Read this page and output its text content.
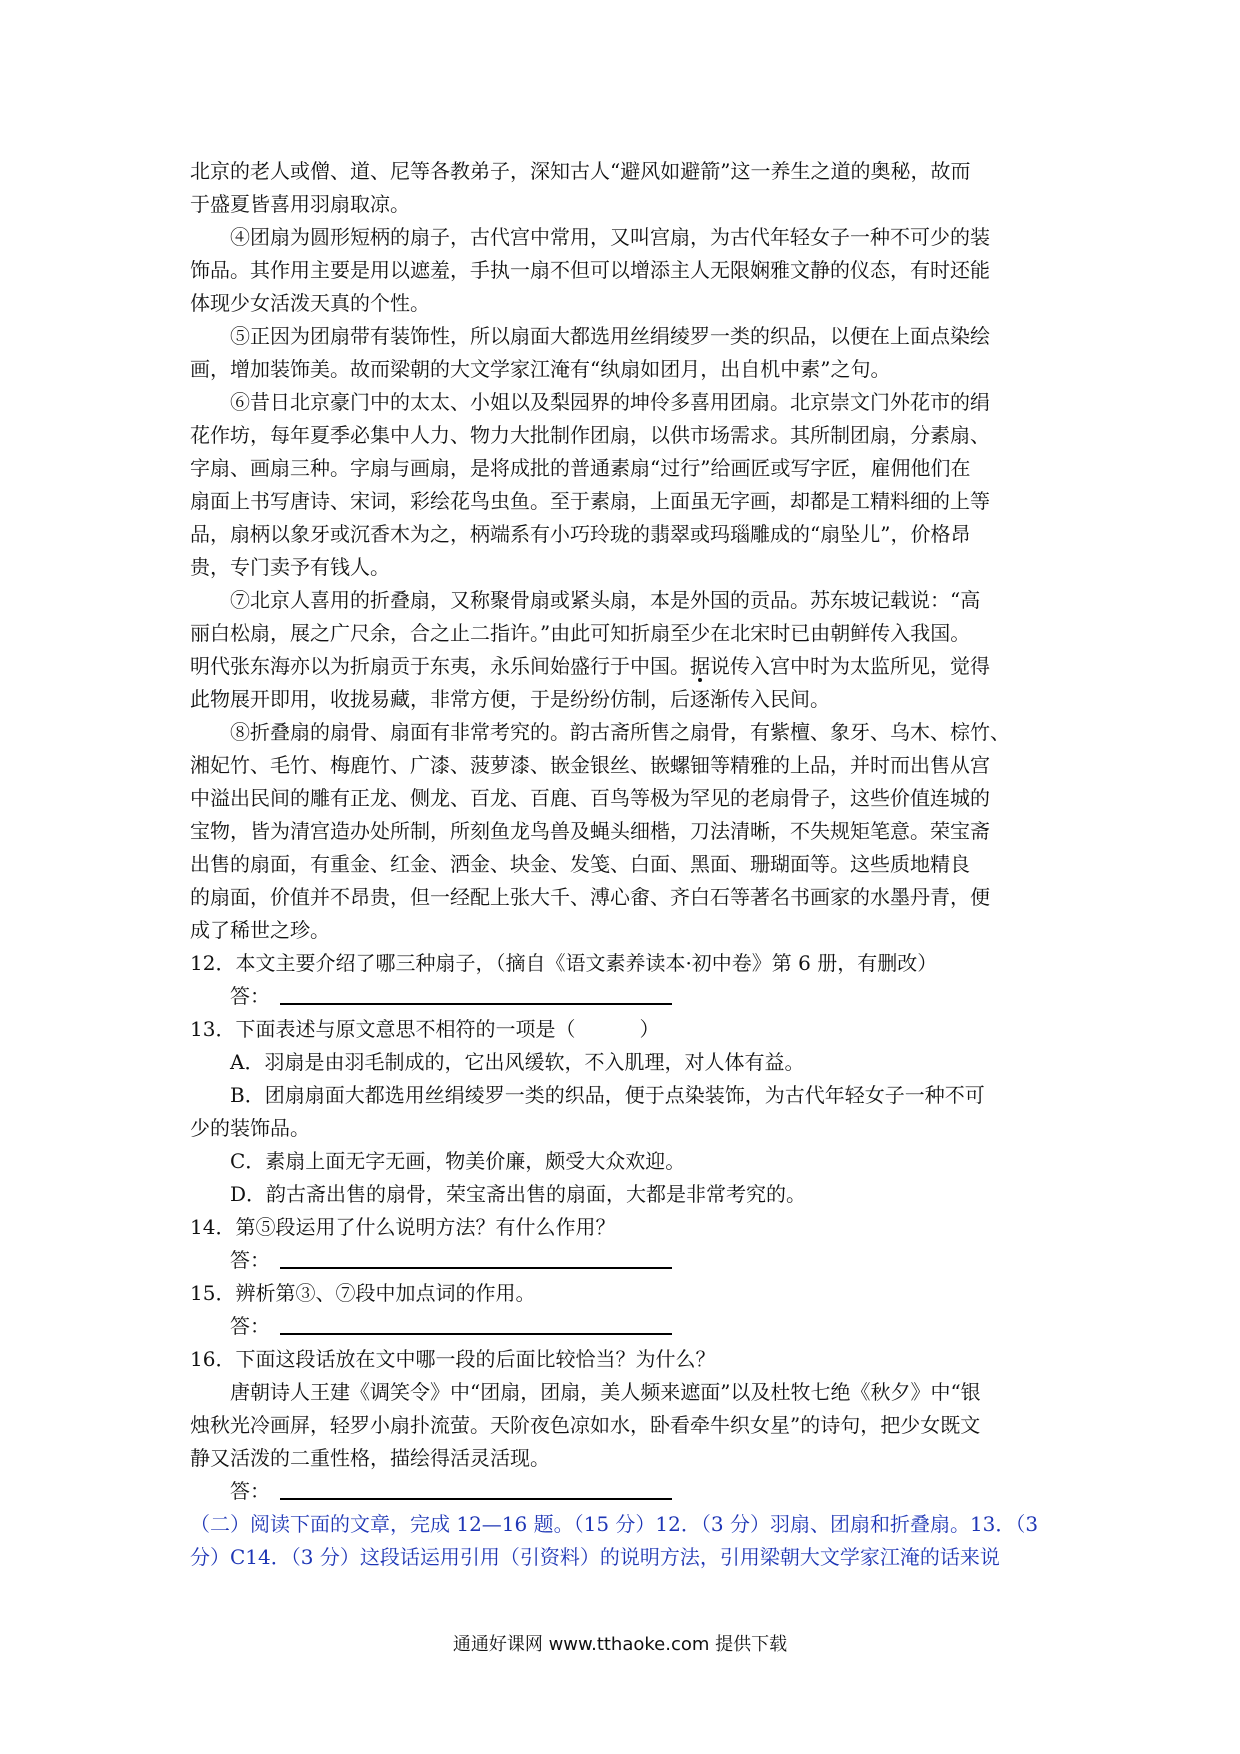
北京的老人或僧、道、尼等各教弟子，深知古人“避风如避箭”这一养生之道的奥秘，故而
于盛夏皆喜用羽扇取凉。
④团扇为圆形短柄的扇子，古代宫中常用，又叫宫扇，为古代年轻女子一种不可少的装
饰品。其作用主要是用以遮羞，手执一扇不但可以增添主人无限娴雅文静的仪态，有时还能
体现少女活泼天真的个性。
⑤正因为团扇带有装饰性，所以扇面大都选用丝绢绫罗一类的织品，以便在上面点染绘
画，增加装饰美。故而梁朝的大文学家江淹有“纨扇如团月，出自机中素”之句。
⑥昔日北京豪门中的太太、小姐以及梨园界的坤伶多喜用团扇。北京崇文门外花市的绢
花作坊，每年夏季必集中人力、物力大批制作团扇，以供市场需求。其所制团扇，分素扇、
字扇、画扇三种。字扇与画扇，是将成批的普通素扇“过行”给画匠或写字匠，雇佣他们在
扇面上书写唐诗、宋词，彩绘花鸟虫鱼。至于素扇，上面虽无字画，却都是工精料细的上等
品，扇柄以象牙或沉香木为之，柄端系有小巧玲珑的翡翠或玛瑙雕成的“扇坠儿”，价格昂
贵，专门卖予有钱人。
⑦北京人喜用的折叠扇，又称聚骨扇或紧头扇，本是外国的贡品。苏东坡记载说：“高
丽白松扇，展之广尺余，合之止二指许。”由此可知折扇至少在北宋时已由朝鲜传入我国。
明代张东海亦以为折扇贡于东夷，永乐间始盛行于中国。据说传入宫中时为太监所见，觉得
此物展开即用，收拢易藏，非常方便，于是纷纷仿制，后逐渐传入民间。
⑧折叠扇的扇骨、扇面有非常考究的。韵古斋所售之扇骨，有紫檀、象牙、乌木、棕竹、
湘妃竹、毛竹、梅鹿竹、广漆、菠萝漆、嵌金银丝、嵌螺钿等精雅的上品，并时而出售从宫
中溢出民间的雕有正龙、侧龙、百龙、百鹿、百鸟等极为罕见的老扇骨子，这些价值连城的
宝物，皆为清宫造办处所制，所刻鱼龙鸟兽及蝇头细楷，刀法清晰，不失规矩笔意。荣宝斋
出售的扇面，有重金、红金、洒金、块金、发笺、白面、黑面、珊瑚面等。这些质地精良
的扇面，价值并不昂贵，但一经配上张大千、溥心畬、齐白石等著名书画家的水墨丹青，便
成了稀世之珍。
12．本文主要介绍了哪三种扇子，（摘自《语文素养读本·初中卷》第 6 册，有删改）
答：
13．下面表述与原文意思不相符的一项是（	）
A．羽扇是由羽毛制成的，它出风缓软，不入肌理，对人体有益。
B．团扇扇面大都选用丝绢绫罗一类的织品，便于点染装饰，为古代年轻女子一种不可
少的装饰品。
C．素扇上面无字无画，物美价廉，颇受大众欢迎。
D．韵古斋出售的扇骨，荣宝斋出售的扇面，大都是非常考究的。
14．第⑤段运用了什么说明方法？有什么作用？
答：
15．辨析第③、⑦段中加点词的作用。
答：
16．下面这段话放在文中哪一段的后面比较恰当？为什么？
唐朝诗人王建《调笑令》中“团扇，团扇，美人频来遮面”以及杜牧七绝《秋夕》中“银
烛秋光冷画屏，轻罗小扇扑流萤。天阶夜色凉如水，卧看牵牛织女星”的诗句，把少女既文
静又活泼的二重性格，描绘得活灵活现。
答：
（二）阅读下面的文章，完成 12—16 题。（15 分）12．（3 分）羽扇、团扇和折叠扇。13．（3
分）C14．（3 分）这段话运用引用（引资料）的说明方法，引用梁朝大文学家江淹的话来说
通通好课网 www.tthaoke.com 提供下载
